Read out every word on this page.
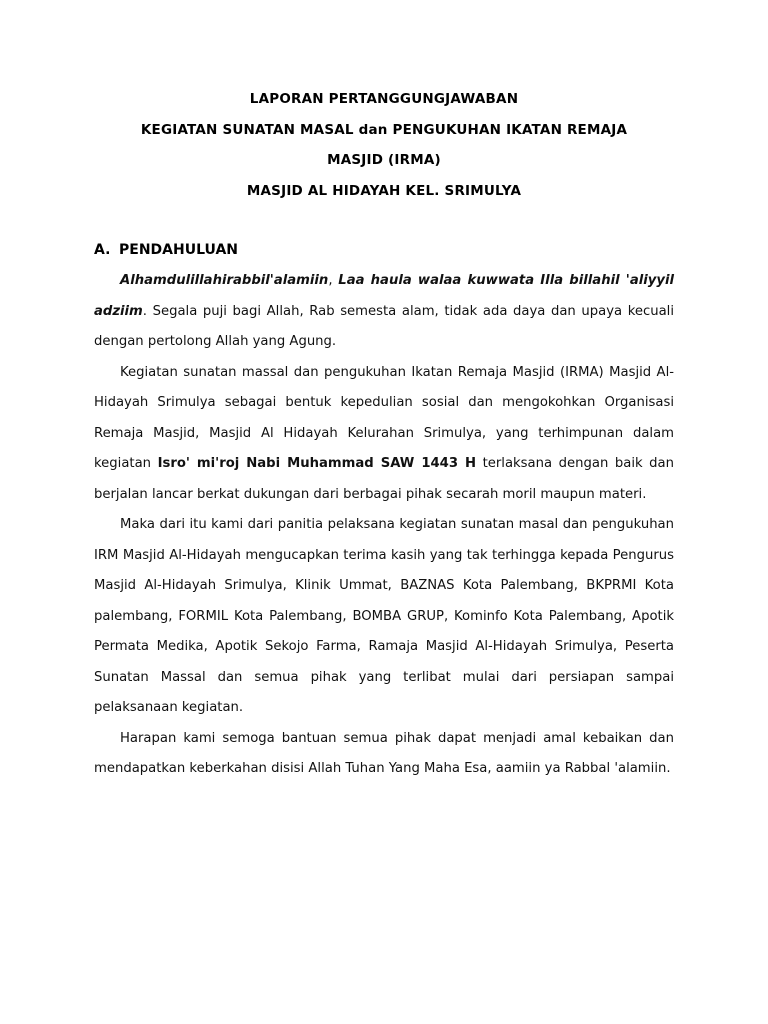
LAPORAN PERTANGGUNGJAWABAN
KEGIATAN SUNATAN MASAL dan PENGUKUHAN IKATAN REMAJA
MASJID (IRMA)
MASJID AL HIDAYAH KEL. SRIMULYA
A. PENDAHULUAN

Alhamdulillahirabbil'alamiin, Laa haula walaa kuwwata Illa billahil 'aliyyil adziim. Segala puji bagi Allah, Rab semesta alam, tidak ada daya dan upaya kecuali dengan pertolong Allah yang Agung.

Kegiatan sunatan massal dan pengukuhan Ikatan Remaja Masjid (IRMA) Masjid Al-Hidayah Srimulya sebagai bentuk kepedulian sosial dan mengokohkan Organisasi Remaja Masjid, Masjid Al Hidayah Kelurahan Srimulya, yang terhimpunan dalam kegiatan Isro' mi'roj Nabi Muhammad SAW 1443 H terlaksana dengan baik dan berjalan lancar berkat dukungan dari berbagai pihak secarah moril maupun materi.

Maka dari itu kami dari panitia pelaksana kegiatan sunatan masal dan pengukuhan IRM Masjid Al-Hidayah mengucapkan terima kasih yang tak terhingga kepada Pengurus Masjid Al-Hidayah Srimulya, Klinik Ummat, BAZNAS Kota Palembang, BKPRMI Kota palembang, FORMIL Kota Palembang, BOMBA GRUP, Kominfo Kota Palembang, Apotik Permata Medika, Apotik Sekojo Farma, Ramaja Masjid Al-Hidayah Srimulya, Peserta Sunatan Massal dan semua pihak yang terlibat mulai dari persiapan sampai pelaksanaan kegiatan.

Harapan kami semoga bantuan semua pihak dapat menjadi amal kebaikan dan mendapatkan keberkahan disisi Allah Tuhan Yang Maha Esa, aamiin ya Rabbal 'alamiin.
